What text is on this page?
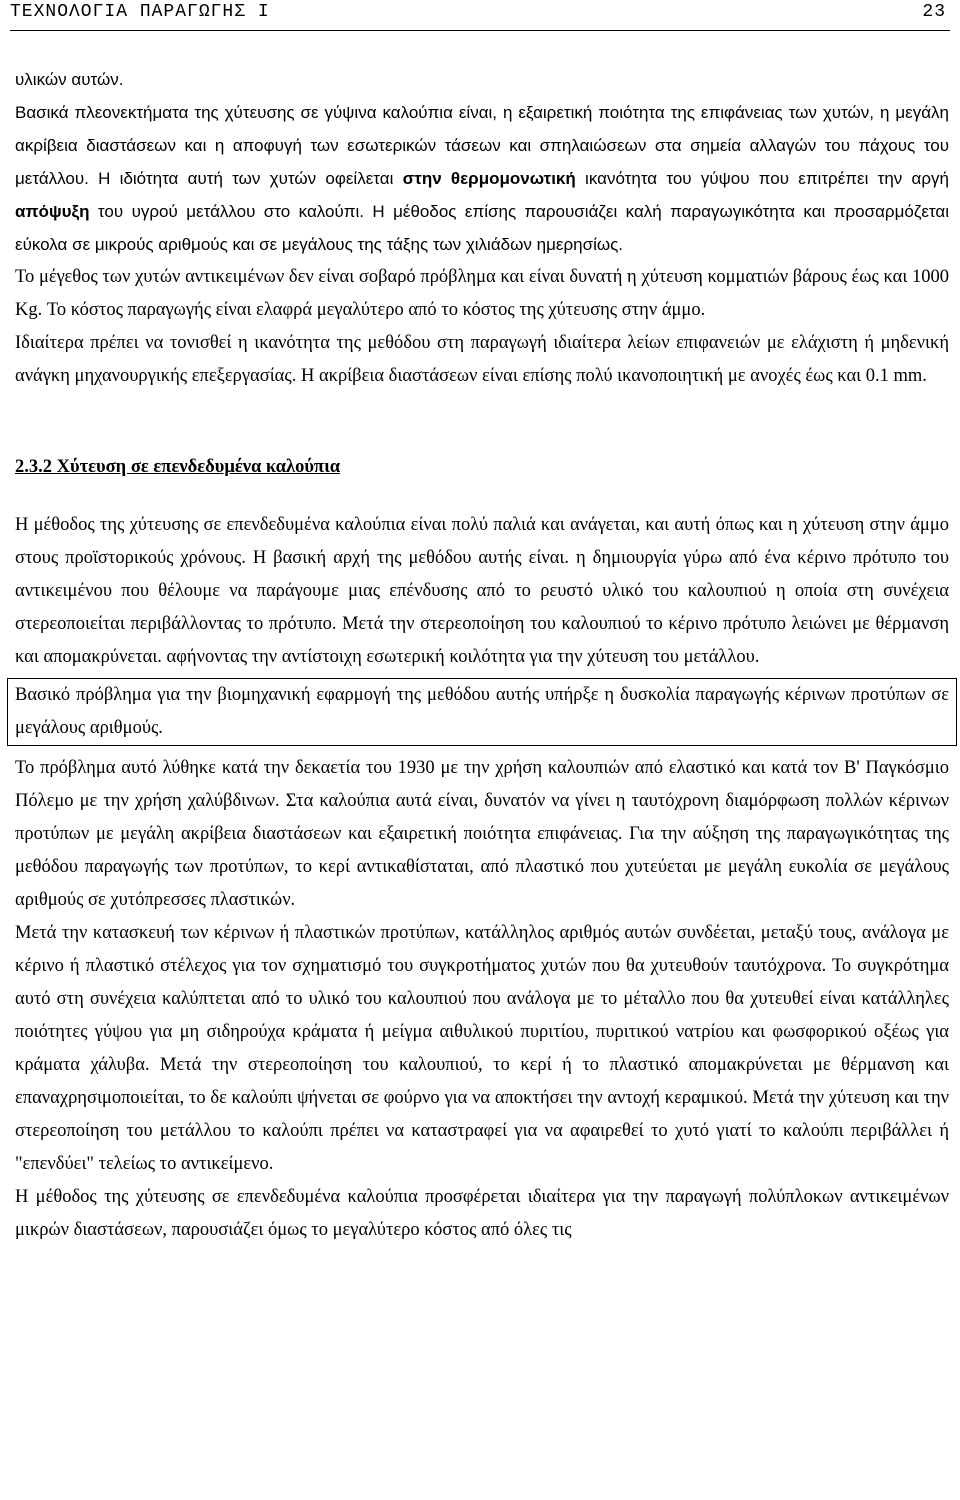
ΤΕΧΝΟΛΟΓΙΑ ΠΑΡΑΓΩΓΗΣ Ι	23

υλικών αυτών.

Βασικά πλεονεκτήματα της χύτευσης σε γύψινα καλούπια είναι, η εξαιρετική ποιότητα της επιφάνειας των χυτών, η μεγάλη ακρίβεια διαστάσεων και η αποφυγή των εσωτερικών τάσεων και σπηλαιώσεων στα σημεία αλλαγών του πάχους του μετάλλου. Η ιδιότητα αυτή των χυτών οφείλεται στην θερμομονωτική ικανότητα του γύψου που επιτρέπει την αργή απόψυξη του υγρού μετάλλου στο καλούπι. Η μέθοδος επίσης παρουσιάζει καλή παραγωγικότητα και προσαρμόζεται εύκολα σε μικρούς αριθμούς και σε μεγάλους της τάξης των χιλιάδων ημερησίως.

Το μέγεθος των χυτών αντικειμένων δεν είναι σοβαρό πρόβλημα και είναι δυνατή η χύτευση κομματιών βάρους έως και 1000 Kg. Το κόστος παραγωγής είναι ελαφρά μεγαλύτερο από το κόστος της χύτευσης στην άμμο.

Ιδιαίτερα πρέπει να τονισθεί η ικανότητα της μεθόδου στη παραγωγή ιδιαίτερα λείων επιφανειών με ελάχιστη ή μηδενική ανάγκη μηχανουργικής επεξεργασίας. Η ακρίβεια διαστάσεων είναι επίσης πολύ ικανοποιητική με ανοχές έως και 0.1 mm.

2.3.2 Χύτευση σε επενδεδυμένα καλούπια

Η μέθοδος της χύτευσης σε επενδεδυμένα καλούπια είναι πολύ παλιά και ανάγεται, και αυτή όπως και η χύτευση στην άμμο στους προϊστορικούς χρόνους. Η βασική αρχή της μεθόδου αυτής είναι. η δημιουργία γύρω από ένα κέρινο πρότυπο του αντικειμένου που θέλουμε να παράγουμε μιας επένδυσης από το ρευστό υλικό του καλουπιού η οποία στη συνέχεια στερεοποιείται περιβάλλοντας το πρότυπο. Μετά την στερεοποίηση του καλουπιού το κέρινο πρότυπο λειώνει με θέρμανση και απομακρύνεται. αφήνοντας την αντίστοιχη εσωτερική κοιλότητα για την χύτευση του μετάλλου.

Βασικό πρόβλημα για την βιομηχανική εφαρμογή της μεθόδου αυτής υπήρξε η δυσκολία παραγωγής κέρινων προτύπων σε μεγάλους αριθμούς.

Το πρόβλημα αυτό λύθηκε κατά την δεκαετία του 1930 με την χρήση καλουπιών από ελαστικό και κατά τον Β' Παγκόσμιο Πόλεμο με την χρήση χαλύβδινων. Στα καλούπια αυτά είναι, δυνατόν να γίνει η ταυτόχρονη διαμόρφωση πολλών κέρινων προτύπων με μεγάλη ακρίβεια διαστάσεων και εξαιρετική ποιότητα επιφάνειας. Για την αύξηση της παραγωγικότητας της μεθόδου παραγωγής των προτύπων, το κερί αντικαθίσταται, από πλαστικό που χυτεύεται με μεγάλη ευκολία σε μεγάλους αριθμούς σε χυτόπρεσσες πλαστικών.

Μετά την κατασκευή των κέρινων ή πλαστικών προτύπων, κατάλληλος αριθμός αυτών συνδέεται, μεταξύ τους, ανάλογα με κέρινο ή πλαστικό στέλεχος για τον σχηματισμό του συγκροτήματος χυτών που θα χυτευθούν ταυτόχρονα. Το συγκρότημα αυτό στη συνέχεια καλύπτεται από το υλικό του καλουπιού που ανάλογα με το μέταλλο που θα χυτευθεί είναι κατάλληλες ποιότητες γύψου για μη σιδηρούχα κράματα ή μείγμα αιθυλικού πυριτίου, πυριτικού νατρίου και φωσφορικού οξέως για κράματα χάλυβα. Μετά την στερεοποίηση του καλουπιού, το κερί ή το πλαστικό απομακρύνεται με θέρμανση και επαναχρησιμοποιείται, το δε καλούπι ψήνεται σε φούρνο για να αποκτήσει την αντοχή κεραμικού. Μετά την χύτευση και την στερεοποίηση του μετάλλου το καλούπι πρέπει να καταστραφεί για να αφαιρεθεί το χυτό γιατί το καλούπι περιβάλλει ή "επενδύει" τελείως το αντικείμενο.

Η μέθοδος της χύτευσης σε επενδεδυμένα καλούπια προσφέρεται ιδιαίτερα για την παραγωγή πολύπλοκων αντικειμένων μικρών διαστάσεων, παρουσιάζει όμως το μεγαλύτερο κόστος από όλες τις
